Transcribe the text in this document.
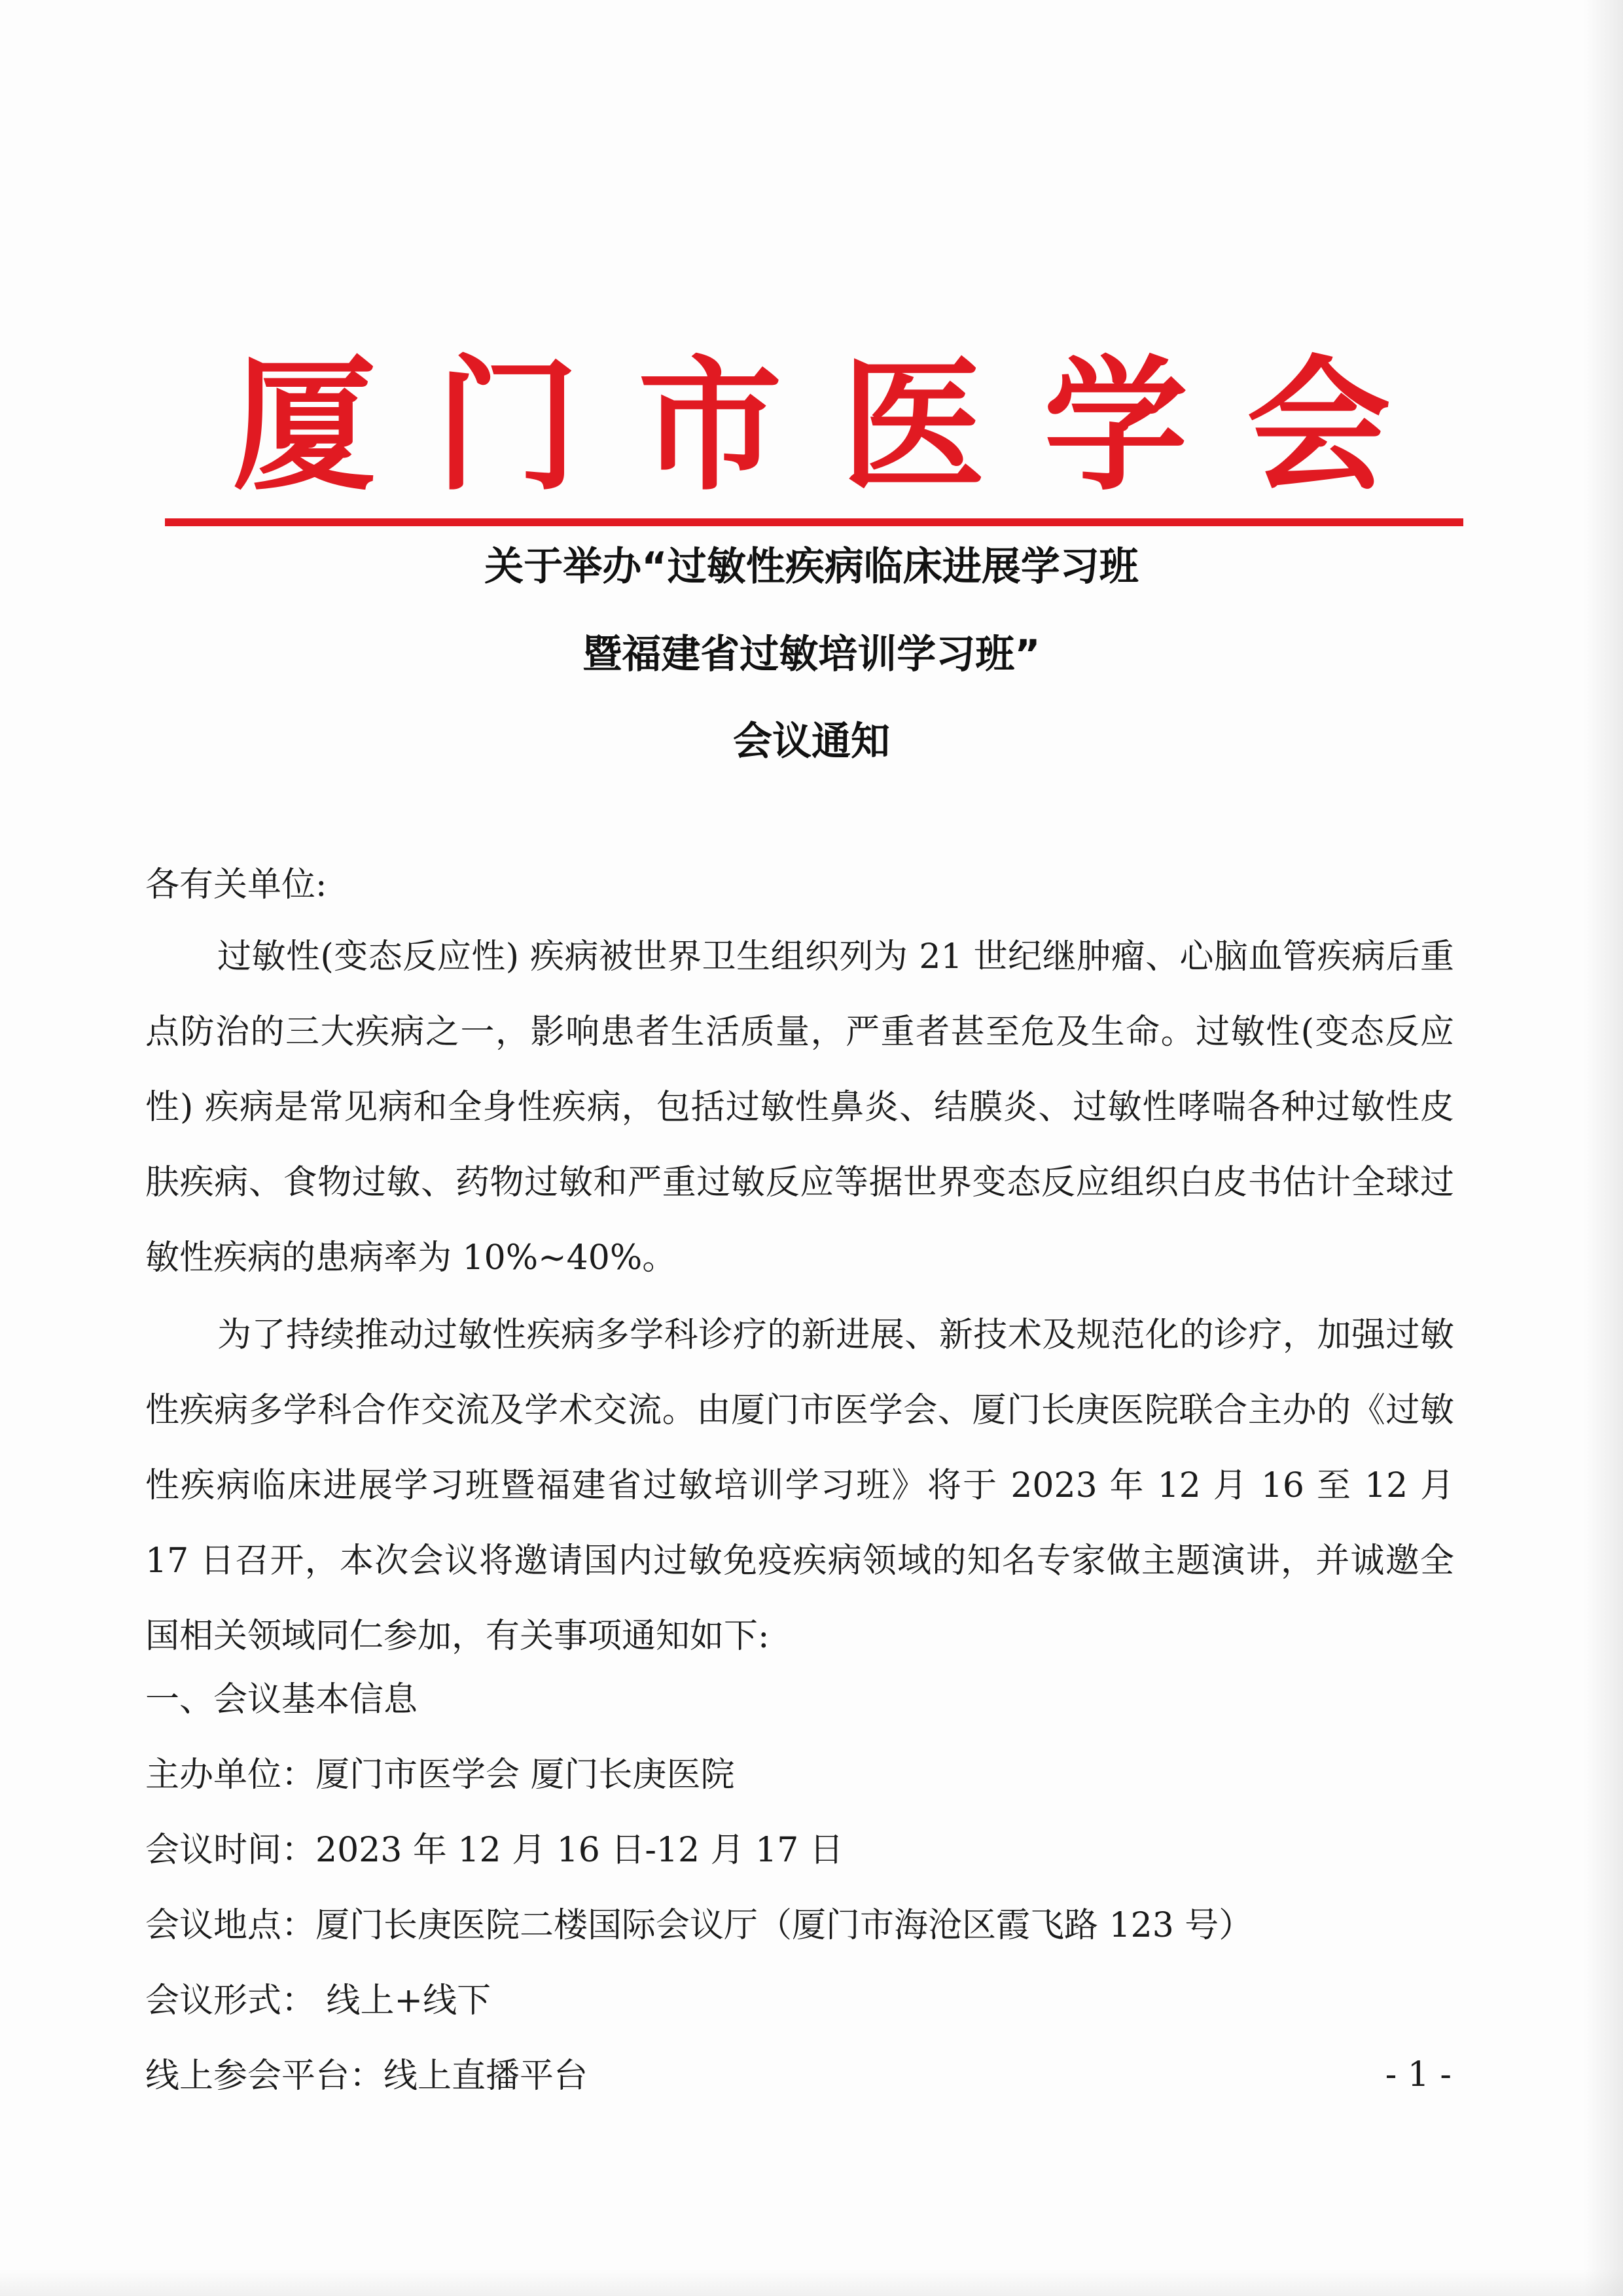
厦门市医学会
关于举办“过敏性疾病临床进展学习班
暨福建省过敏培训学习班”
会议通知
各有关单位:
过敏性(变态反应性) 疾病被世界卫生组织列为 21 世纪继肿瘤、心脑血管疾病后重点防治的三大疾病之一，影响患者生活质量，严重者甚至危及生命。过敏性(变态反应性) 疾病是常见病和全身性疾病，包括过敏性鼻炎、结膜炎、过敏性哮喘各种过敏性皮肤疾病、食物过敏、药物过敏和严重过敏反应等据世界变态反应组织白皮书估计全球过敏性疾病的患病率为 10%~40%。
为了持续推动过敏性疾病多学科诊疗的新进展、新技术及规范化的诊疗，加强过敏性疾病多学科合作交流及学术交流。由厦门市医学会、厦门长庚医院联合主办的《过敏性疾病临床进展学习班暨福建省过敏培训学习班》将于 2023 年 12 月 16 至 12 月 17 日召开，本次会议将邀请国内过敏免疫疾病领域的知名专家做主题演讲，并诚邀全国相关领域同仁参加，有关事项通知如下:
一、会议基本信息
主办单位：厦门市医学会 厦门长庚医院
会议时间：2023 年 12 月 16 日-12 月 17 日
会议地点：厦门长庚医院二楼国际会议厅（厦门市海沧区霞飞路 123 号）
会议形式： 线上+线下
线上参会平台：线上直播平台	- 1 -
